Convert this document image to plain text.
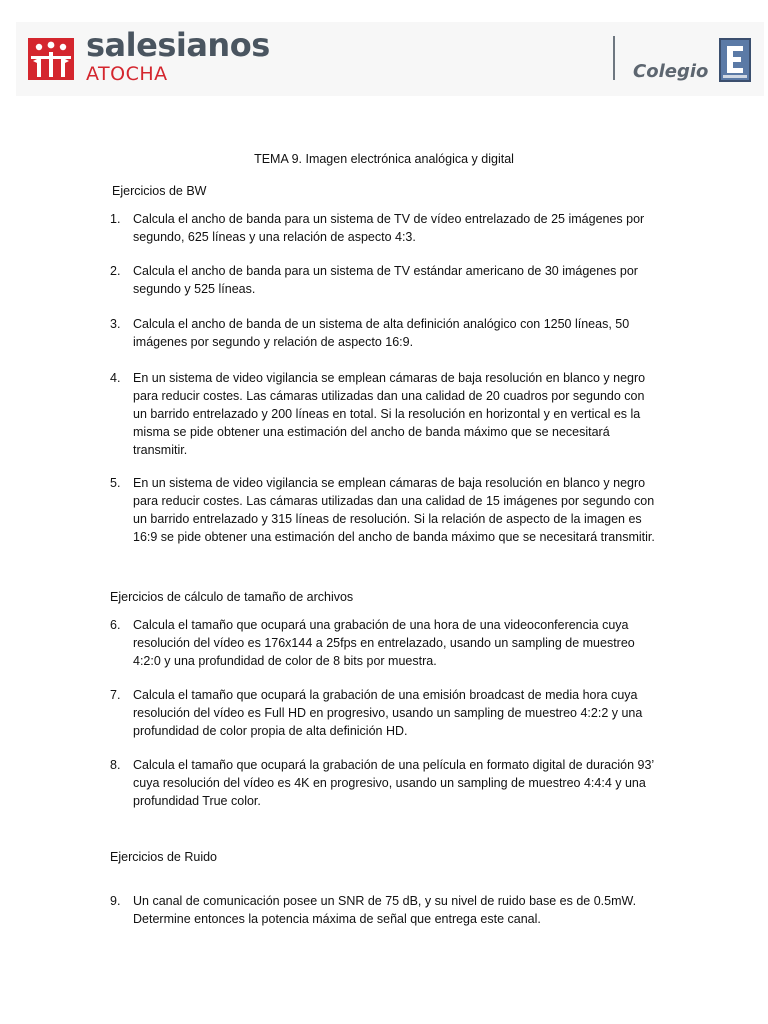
salesianos
ATOCHA	Colegio
TEMA 9. Imagen electrónica analógica y digital
Ejercicios de BW
1.	Calcula el ancho de banda para un sistema de TV de vídeo entrelazado de 25 imágenes por segundo, 625 líneas y una relación de aspecto 4:3.
2.	Calcula el ancho de banda para un sistema de TV estándar americano de 30 imágenes por segundo y 525 líneas.
3.	Calcula el ancho de banda de un sistema de alta definición analógico con 1250 líneas, 50 imágenes por segundo y relación de aspecto 16:9.
4.	En un sistema de video vigilancia se emplean cámaras de baja resolución en blanco y negro para reducir costes. Las cámaras utilizadas dan una calidad de 20 cuadros por segundo con un barrido entrelazado y 200 líneas en total. Si la resolución en horizontal y en vertical es la misma se pide obtener una estimación del ancho de banda máximo que se necesitará transmitir.
5.	En un sistema de video vigilancia se emplean cámaras de baja resolución en blanco y negro para reducir costes. Las cámaras utilizadas dan una calidad de 15 imágenes por segundo con un barrido entrelazado y 315 líneas de resolución. Si la relación de aspecto de la imagen es 16:9 se pide obtener una estimación del ancho de banda máximo que se necesitará transmitir.
Ejercicios de cálculo de tamaño de archivos
6.	Calcula el tamaño que ocupará una grabación de una hora de una videoconferencia cuya resolución del vídeo es 176x144 a 25fps en entrelazado, usando un sampling de muestreo 4:2:0 y una profundidad de color de 8 bits por muestra.
7.	Calcula el tamaño que ocupará la grabación de una emisión broadcast de media hora cuya resolución del vídeo es Full HD en progresivo, usando un sampling de muestreo 4:2:2 y una profundidad de color propia de alta definición HD.
8.	Calcula el tamaño que ocupará la grabación de una película en formato digital de duración 93’ cuya resolución del vídeo es 4K en progresivo, usando un sampling de muestreo 4:4:4 y una profundidad True color.
Ejercicios de Ruido
9.	Un canal de comunicación posee un SNR de 75 dB, y su nivel de ruido base es de 0.5mW. Determine entonces la potencia máxima de señal que entrega este canal.
